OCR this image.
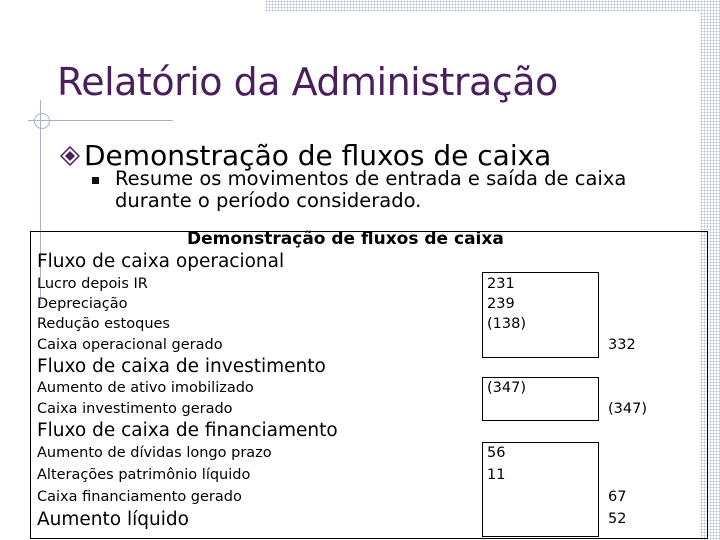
Relatório da Administração
Demonstração de fluxos de caixa
Resume os movimentos de entrada e saída de caixa durante o período considerado.
Demonstração de fluxos de caixa
Fluxo de caixa operacional
Lucro depois IR
Depreciação
Redução estoques
Caixa operacional gerado
231
239
(138)
332
Fluxo de caixa de investimento
Aumento de ativo imobilizado
Caixa investimento gerado
(347)
(347)
Fluxo de caixa de financiamento
Aumento de dívidas longo prazo
Alterações patrimônio líquido
Caixa financiamento gerado
56
11
67
Aumento líquido	52
